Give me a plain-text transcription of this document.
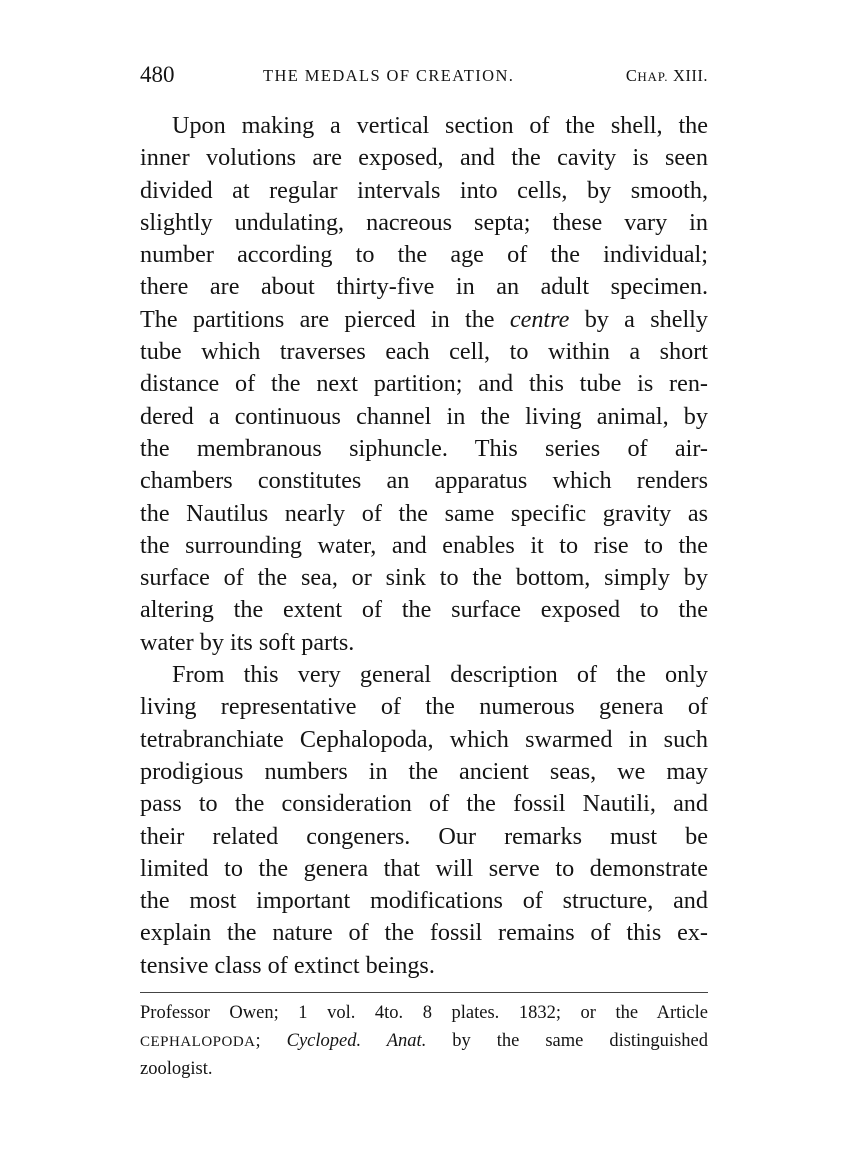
480	THE MEDALS OF CREATION.	CHAP. XIII.
Upon making a vertical section of the shell, the
inner volutions are exposed, and the cavity is seen
divided at regular intervals into cells, by smooth,
slightly undulating, nacreous septa; these vary in
number according to the age of the individual;
there are about thirty-five in an adult specimen.
The partitions are pierced in the centre by a shelly
tube which traverses each cell, to within a short
distance of the next partition; and this tube is ren-
dered a continuous channel in the living animal, by
the membranous siphuncle. This series of air-
chambers constitutes an apparatus which renders
the Nautilus nearly of the same specific gravity as
the surrounding water, and enables it to rise to the
surface of the sea, or sink to the bottom, simply by
altering the extent of the surface exposed to the
water by its soft parts.
From this very general description of the only
living representative of the numerous genera of
tetrabranchiate Cephalopoda, which swarmed in such
prodigious numbers in the ancient seas, we may
pass to the consideration of the fossil Nautili, and
their related congeners. Our remarks must be
limited to the genera that will serve to demonstrate
the most important modifications of structure, and
explain the nature of the fossil remains of this ex-
tensive class of extinct beings.
Professor Owen; 1 vol. 4to. 8 plates. 1832; or the Article
CEPHALOPODA; Cycloped. Anat. by the same distinguished
zoologist.
